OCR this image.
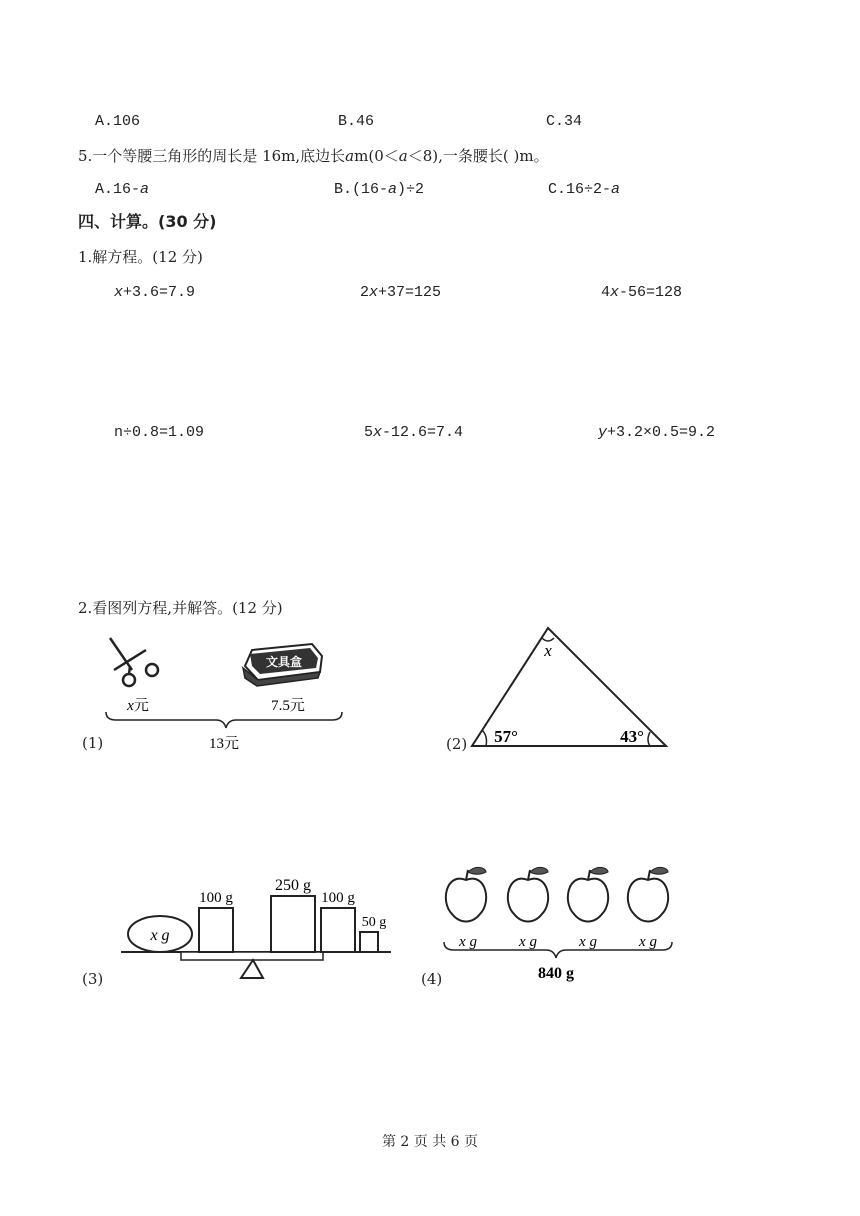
A.106	B.46	C.34
5.一个等腰三角形的周长是 16m,底边长am(0＜a＜8),一条腰长( )m。
A.16-a	B.(16-a)÷2	C.16÷2-a
四、计算。(30 分)
1.解方程。(12 分)
x+3.6=7.9	2x+37=125	4x-56=128
n÷0.8=1.09	5x-12.6=7.4	y+3.2×0.5=9.2
2.看图列方程,并解答。(12 分)
(1)
文具盒
x元	7.5元
13元	(2)
x
57°	43°
(3)
x g
100 g
250 g
100 g
50 g
(4)
x g	x g	x g	x g
840 g
第 2 页 共 6 页
